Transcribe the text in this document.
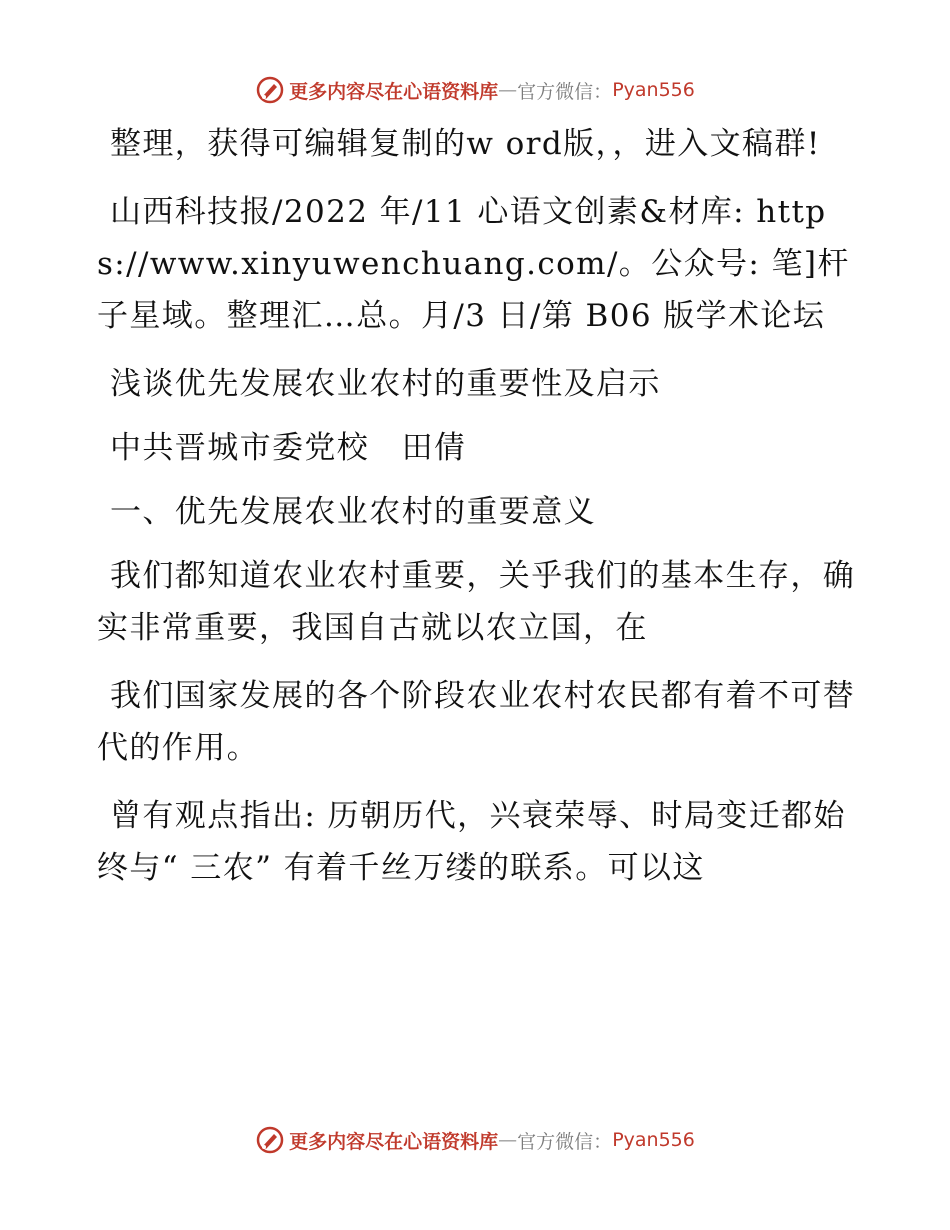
更多内容尽在心语资料库 — 官方微信： Pyan556

整理，获得可编辑复制的w ord版，，进入文稿群!

山西科技报/2022 年/11 心语文创素&材库: https://www.xinyuwenchuang.com/。公众号: 笔]杆子星域。整理汇…总。月/3 日/第 B06 版学术论坛

浅谈优先发展农业农村的重要性及启示

中共晋城市委党校　田倩

一、优先发展农业农村的重要意义

我们都知道农业农村重要，关乎我们的基本生存，确实非常重要，我国自古就以农立国，在

我们国家发展的各个阶段农业农村农民都有着不可替代的作用。

曾有观点指出: 历朝历代，兴衰荣辱、时局变迁都始终与“ 三农” 有着千丝万缕的联系。可以这

更多内容尽在心语资料库 — 官方微信： Pyan556
